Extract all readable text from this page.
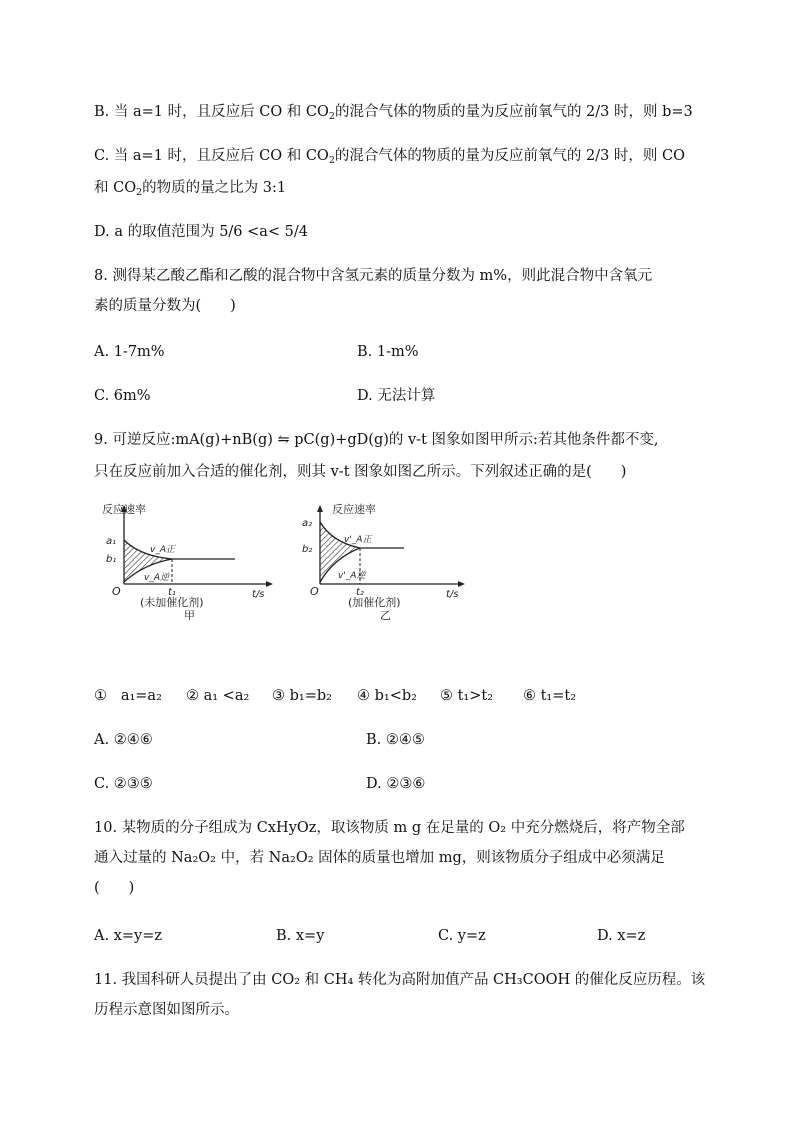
B. 当 a=1 时，且反应后 CO 和 $CO_2$的混合气体的物质的量为反应前氧气的 2/3 时，则 b=3
C. 当 a=1 时，且反应后 CO 和 $CO_2$的混合气体的物质的量为反应前氧气的 2/3 时，则 CO
和 $CO_2$的物质的量之比为 3:1
D. a 的取值范围为 5/6 <a< 5/4
8. 测得某乙酸乙酯和乙酸的混合物中含氢元素的质量分数为 m%，则此混合物中含氧元
素的质量分数为(　　)
A. 1-7m%	B. 1-m%
C. 6m%	D. 无法计算
9. 可逆反应:mA(g)+nB(g) ⇋ pC(g)+gD(g)的 v-t 图象如图甲所示:若其他条件都不变,
只在反应前加入合适的催化剂，则其 v-t 图象如图乙所示。下列叙述正确的是(　　)
反应速率
a₁
b₁
v_A正
v_A逆
O	t₁	t/s
(未加催化剂)
甲
反应速率
a₂
b₂
v'_A正
v'_A逆
O	t₂	t/s
(加催化剂)
乙
① a₁=a₂ ② a₁ <a₂ ③ b₁=b₂ ④ b₁<b₂ ⑤ t₁>t₂ ⑥ t₁=t₂
A. ②④⑥	B. ②④⑤
C. ②③⑤	D. ②③⑥
10. 某物质的分子组成为 CxHyOz，取该物质 m g 在足量的 O₂ 中充分燃烧后，将产物全部
通入过量的 Na₂O₂ 中，若 Na₂O₂ 固体的质量也增加 mg，则该物质分子组成中必须满足
(　　)
A. x=y=z	B. x=y	C. y=z	D. x=z
11. 我国科研人员提出了由 CO₂ 和 CH₄ 转化为高附加值产品 CH₃COOH 的催化反应历程。该
历程示意图如图所示。
